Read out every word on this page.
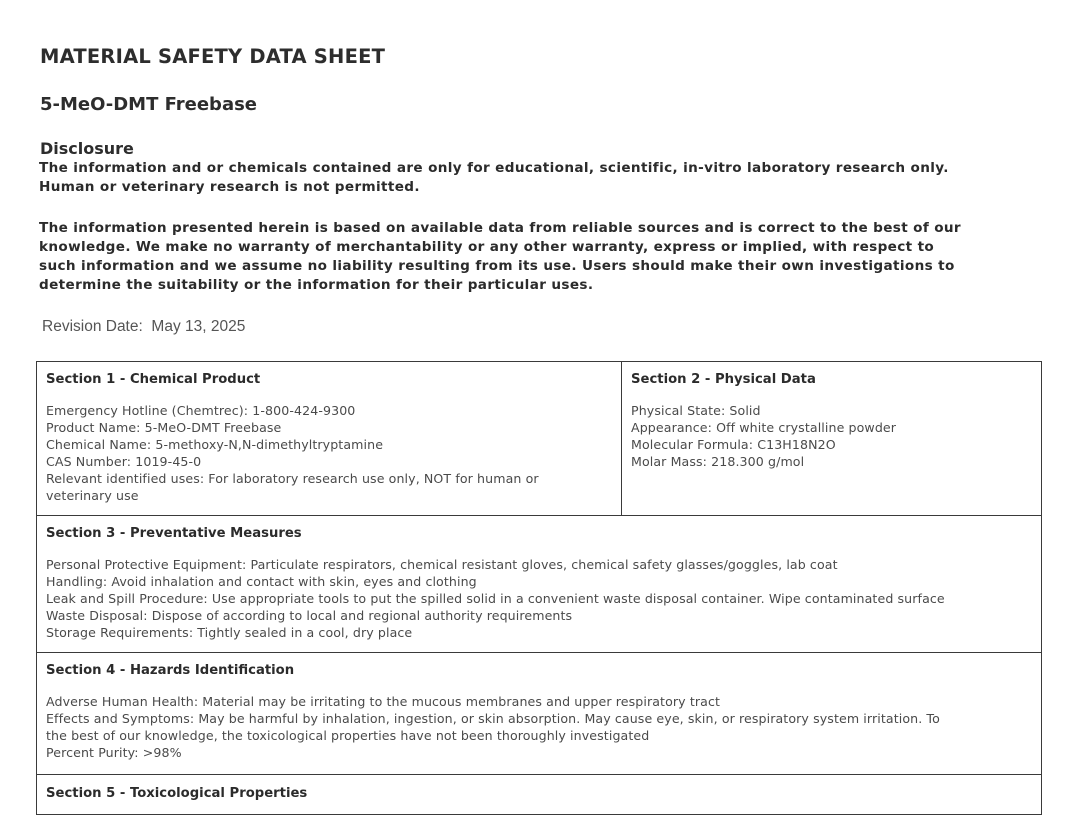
MATERIAL SAFETY DATA SHEET
5-MeO-DMT Freebase
Disclosure
The information and or chemicals contained are only for educational, scientific, in-vitro laboratory research only.
Human or veterinary research is not permitted.
The information presented herein is based on available data from reliable sources and is correct to the best of our
knowledge. We make no warranty of merchantability or any other warranty, express or implied, with respect to
such information and we assume no liability resulting from its use. Users should make their own investigations to
determine the suitability or the information for their particular uses.
Revision Date: May 13, 2025
Section 1 - Chemical Product
Emergency Hotline (Chemtrec): 1-800-424-9300
Product Name: 5-MeO-DMT Freebase
Chemical Name: 5-methoxy-N,N-dimethyltryptamine
CAS Number: 1019-45-0
Relevant identified uses: For laboratory research use only, NOT for human or
veterinary use
Section 2 - Physical Data
Physical State: Solid
Appearance: Off white crystalline powder
Molecular Formula: C13H18N2O
Molar Mass: 218.300 g/mol
Section 3 - Preventative Measures
Personal Protective Equipment: Particulate respirators, chemical resistant gloves, chemical safety glasses/goggles, lab coat
Handling: Avoid inhalation and contact with skin, eyes and clothing
Leak and Spill Procedure: Use appropriate tools to put the spilled solid in a convenient waste disposal container. Wipe contaminated surface
Waste Disposal: Dispose of according to local and regional authority requirements
Storage Requirements: Tightly sealed in a cool, dry place
Section 4 - Hazards Identification
Adverse Human Health: Material may be irritating to the mucous membranes and upper respiratory tract
Effects and Symptoms: May be harmful by inhalation, ingestion, or skin absorption. May cause eye, skin, or respiratory system irritation. To
the best of our knowledge, the toxicological properties have not been thoroughly investigated
Percent Purity: >98%
Section 5 - Toxicological Properties
